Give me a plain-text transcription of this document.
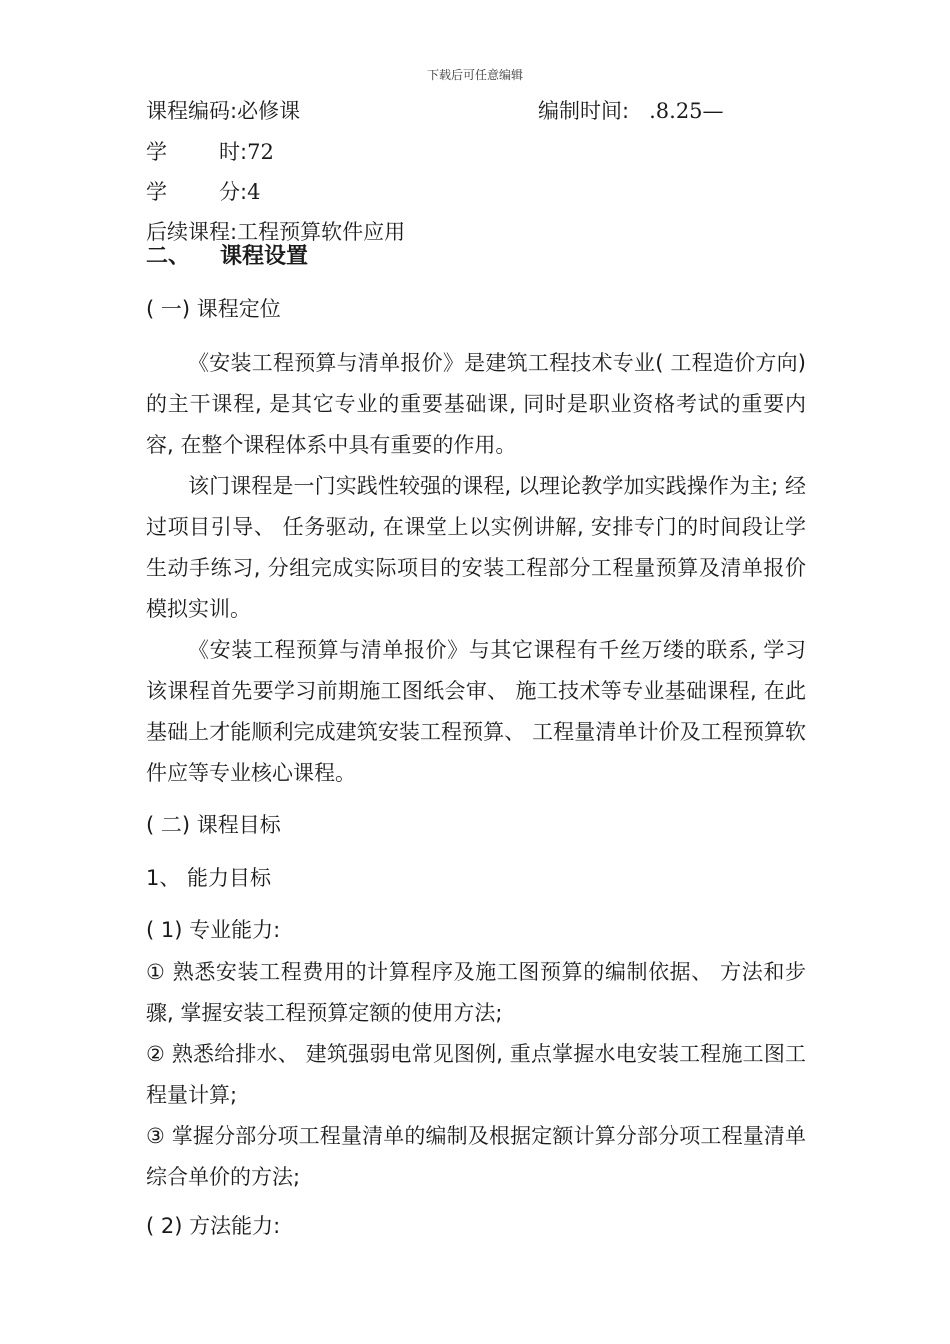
下载后可任意编辑
课程编码:必修课	编制时间: .8.25—
学 时:72
学 分:4
后续课程:工程预算软件应用
二、 课程设置
( 一) 课程定位
《安装工程预算与清单报价》是建筑工程技术专业( 工程造价方向) 的主干课程, 是其它专业的重要基础课, 同时是职业资格考试的重要内容, 在整个课程体系中具有重要的作用。
该门课程是一门实践性较强的课程, 以理论教学加实践操作为主; 经过项目引导、 任务驱动, 在课堂上以实例讲解, 安排专门的时间段让学生动手练习, 分组完成实际项目的安装工程部分工程量预算及清单报价模拟实训。
《安装工程预算与清单报价》与其它课程有千丝万缕的联系, 学习该课程首先要学习前期施工图纸会审、 施工技术等专业基础课程, 在此基础上才能顺利完成建筑安装工程预算、 工程量清单计价及工程预算软件应等专业核心课程。
( 二) 课程目标
1、 能力目标
( 1) 专业能力:
① 熟悉安装工程费用的计算程序及施工图预算的编制依据、 方法和步骤, 掌握安装工程预算定额的使用方法;
② 熟悉给排水、 建筑强弱电常见图例, 重点掌握水电安装工程施工图工程量计算;
③ 掌握分部分项工程量清单的编制及根据定额计算分部分项工程量清单综合单价的方法;
( 2) 方法能力:
